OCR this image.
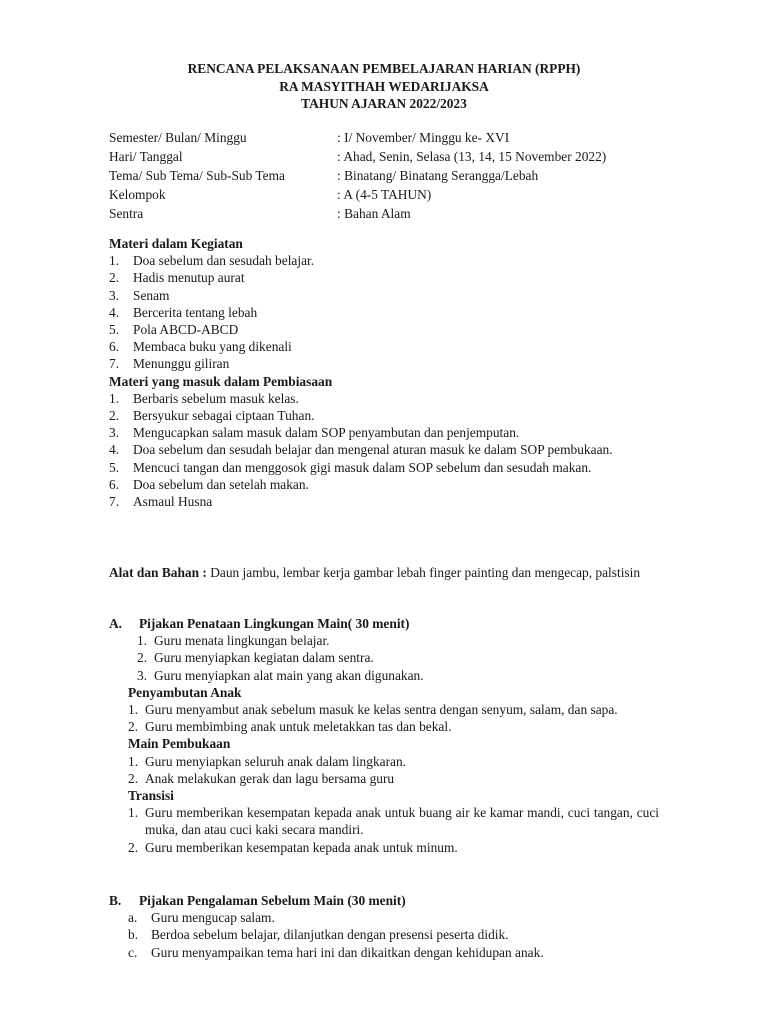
RENCANA PELAKSANAAN PEMBELAJARAN HARIAN (RPPH)
RA MASYITHAH WEDARIJAKSA
TAHUN AJARAN 2022/2023
Semester/ Bulan/ Minggu	: I/ November/ Minggu ke- XVI
Hari/ Tanggal	: Ahad, Senin, Selasa (13, 14, 15 November 2022)
Tema/ Sub Tema/ Sub-Sub Tema	: Binatang/ Binatang Serangga/Lebah
Kelompok	: A (4-5 TAHUN)
Sentra	: Bahan Alam
Materi dalam Kegiatan
1.	Doa sebelum dan sesudah belajar.
2.	Hadis menutup aurat
3.	Senam
4.	Bercerita tentang lebah
5.	Pola ABCD-ABCD
6.	Membaca buku yang dikenali
7.	Menunggu giliran
Materi yang masuk dalam Pembiasaan
1.	Berbaris sebelum masuk kelas.
2.	Bersyukur sebagai ciptaan Tuhan.
3.	Mengucapkan salam masuk dalam SOP penyambutan dan penjemputan.
4.	Doa sebelum dan sesudah belajar dan mengenal aturan masuk ke dalam SOP pembukaan.
5.	Mencuci tangan dan menggosok gigi masuk dalam SOP sebelum dan sesudah makan.
6.	Doa sebelum dan setelah makan.
7.	Asmaul Husna
Alat dan Bahan : Daun jambu, lembar kerja gambar lebah finger painting dan mengecap, palstisin
A.	Pijakan Penataan Lingkungan Main( 30 menit)
1. Guru menata lingkungan belajar.
2. Guru menyiapkan kegiatan dalam sentra.
3. Guru menyiapkan alat main yang akan digunakan.
Penyambutan Anak
1. Guru menyambut anak sebelum masuk ke kelas sentra dengan senyum, salam, dan sapa.
2. Guru membimbing anak untuk meletakkan tas dan bekal.
Main Pembukaan
1. Guru menyiapkan seluruh anak dalam lingkaran.
2. Anak melakukan gerak dan lagu bersama guru
Transisi
1. Guru memberikan kesempatan kepada anak untuk buang air ke kamar mandi, cuci tangan, cuci muka, dan atau cuci kaki secara mandiri.
2. Guru memberikan kesempatan kepada anak untuk minum.
B.	Pijakan Pengalaman Sebelum Main (30 menit)
a.	Guru mengucap salam.
b. Berdoa sebelum belajar, dilanjutkan dengan presensi peserta didik.
c.	Guru menyampaikan tema hari ini dan dikaitkan dengan kehidupan anak.
